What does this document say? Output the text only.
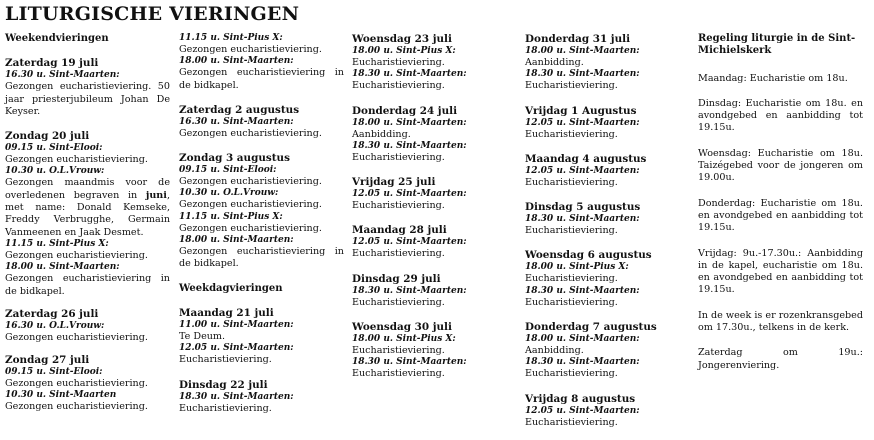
LITURGISCHE VIERINGEN
Weekendvieringen
Zaterdag 19 juli
16.30 u. Sint-Maarten:
Gezongen eucharistieviering. 50 jaar priesterjubileum Johan De Keyser.
Zondag 20 juli
09.15 u. Sint-Elooi:
Gezongen eucharistieviering.
10.30 u. O.L.Vrouw:
Gezongen maandmis voor de overledenen begraven in juni, met name: Donald Kemseke, Freddy Verbrugghe, Germain Vanmeenen en Jaak Desmet.
11.15 u. Sint-Pius X:
Gezongen eucharistieviering.
18.00 u. Sint-Maarten:
Gezongen eucharistieviering in de bidkapel.
Zaterdag 26 juli
16.30 u. O.L.Vrouw:
Gezongen eucharistieviering.
Zondag 27 juli
09.15 u. Sint-Elooi:
Gezongen eucharistieviering.
10.30 u. Sint-Maarten
Gezongen eucharistieviering.
11.15 u. Sint-Pius X:
Gezongen eucharistieviering.
18.00 u. Sint-Maarten:
Gezongen eucharistieviering in de bidkapel.
Zaterdag 2 augustus
16.30 u. Sint-Maarten:
Gezongen eucharistieviering.
Zondag 3 augustus
09.15 u. Sint-Elooi:
Gezongen eucharistieviering.
10.30 u. O.L.Vrouw:
Gezongen eucharistieviering.
11.15 u. Sint-Pius X:
Gezongen eucharistieviering.
18.00 u. Sint-Maarten:
Gezongen eucharistieviering in de bidkapel.
Weekdagvieringen
Maandag 21 juli
11.00 u. Sint-Maarten:
Te Deum.
12.05 u. Sint-Maarten:
Eucharistieviering.
Dinsdag 22 juli
18.30 u. Sint-Maarten:
Eucharistieviering.
Woensdag 23 juli
18.00 u. Sint-Pius X:
Eucharistieviering.
18.30 u. Sint-Maarten:
Eucharistieviering.
Donderdag 24 juli
18.00 u. Sint-Maarten:
Aanbidding.
18.30 u. Sint-Maarten:
Eucharistieviering.
Vrijdag 25 juli
12.05 u. Sint-Maarten:
Eucharistieviering.
Maandag 28 juli
12.05 u. Sint-Maarten:
Eucharistieviering.
Dinsdag 29 juli
18.30 u. Sint-Maarten:
Eucharistieviering.
Woensdag 30 juli
18.00 u. Sint-Pius X:
Eucharistieviering.
18.30 u. Sint-Maarten:
Eucharistieviering.
Donderdag 31 juli
18.00 u. Sint-Maarten:
Aanbidding.
18.30 u. Sint-Maarten:
Eucharistieviering.
Vrijdag 1 Augustus
12.05 u. Sint-Maarten:
Eucharistieviering.
Maandag 4 augustus
12.05 u. Sint-Maarten:
Eucharistieviering.
Dinsdag 5 augustus
18.30 u. Sint-Maarten:
Eucharistieviering.
Woensdag 6 augustus
18.00 u. Sint-Pius X:
Eucharistieviering.
18.30 u. Sint-Maarten:
Eucharistieviering.
Donderdag 7 augustus
18.00 u. Sint-Maarten:
Aanbidding.
18.30 u. Sint-Maarten:
Eucharistieviering.
Vrijdag 8 augustus
12.05 u. Sint-Maarten:
Eucharistieviering.
Regeling liturgie in de Sint-Michielskerk
Maandag: Eucharistie om 18u.
Dinsdag: Eucharistie om 18u. en avondgebed en aanbidding tot 19.15u.
Woensdag: Eucharistie om 18u. Taizégebed voor de jongeren om 19.00u.
Donderdag: Eucharistie om 18u. en avondgebed en aanbidding tot 19.15u.
Vrijdag: 9u.-17.30u.: Aanbidding in de kapel, eucharistie om 18u. en avondgebed en aanbidding tot 19.15u.
In de week is er rozenkransgebed om 17.30u., telkens in de kerk.
Zaterdag om 19u.: Jongerenviering.
